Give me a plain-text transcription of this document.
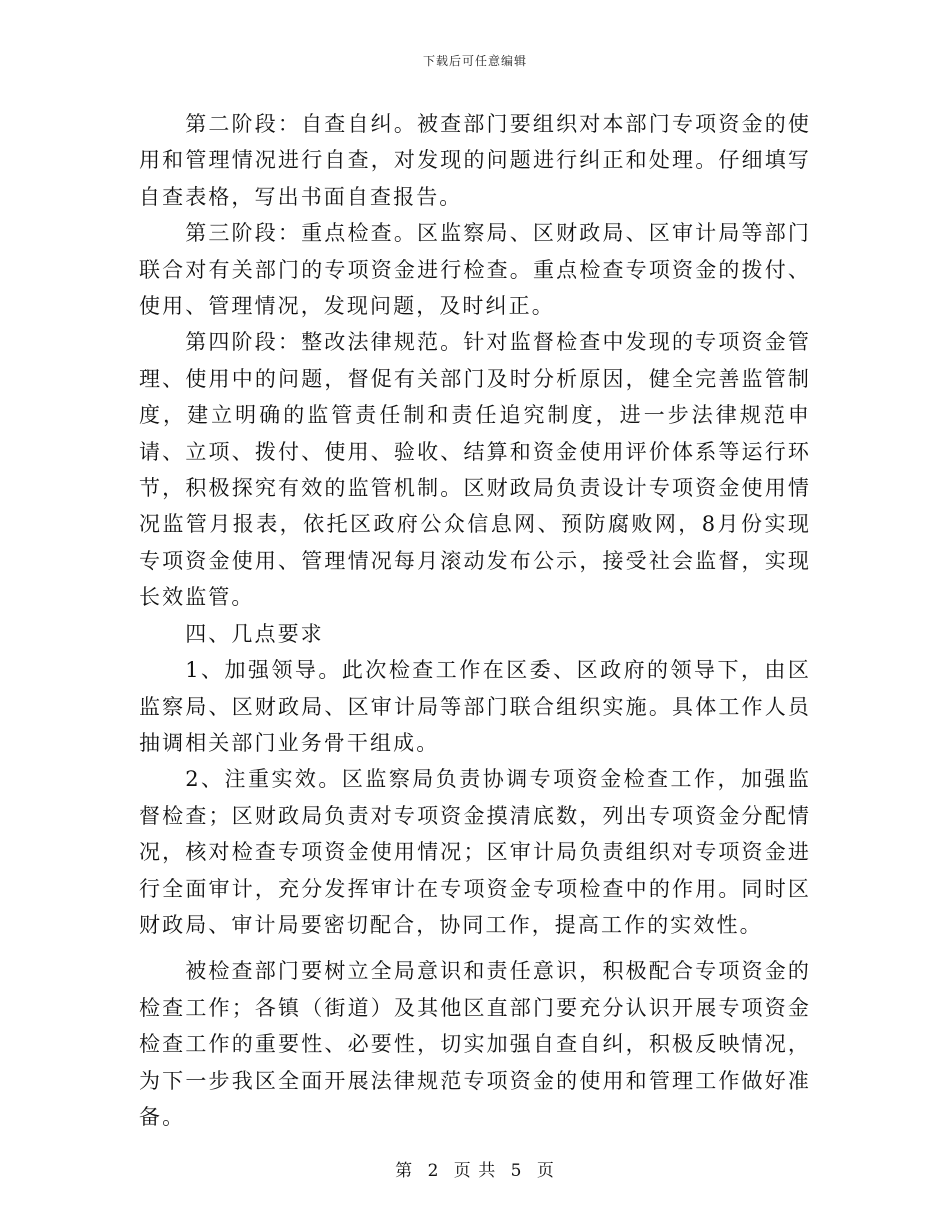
下载后可任意编辑

第二阶段：自查自纠。被查部门要组织对本部门专项资金的使用和管理情况进行自查，对发现的问题进行纠正和处理。仔细填写自查表格，写出书面自查报告。

第三阶段：重点检查。区监察局、区财政局、区审计局等部门联合对有关部门的专项资金进行检查。重点检查专项资金的拨付、使用、管理情况，发现问题，及时纠正。

第四阶段：整改法律规范。针对监督检查中发现的专项资金管理、使用中的问题，督促有关部门及时分析原因，健全完善监管制度，建立明确的监管责任制和责任追究制度，进一步法律规范申请、立项、拨付、使用、验收、结算和资金使用评价体系等运行环节，积极探究有效的监管机制。区财政局负责设计专项资金使用情况监管月报表，依托区政府公众信息网、预防腐败网，8月份实现专项资金使用、管理情况每月滚动发布公示，接受社会监督，实现长效监管。

四、几点要求

1、加强领导。此次检查工作在区委、区政府的领导下，由区监察局、区财政局、区审计局等部门联合组织实施。具体工作人员抽调相关部门业务骨干组成。

2、注重实效。区监察局负责协调专项资金检查工作，加强监督检查；区财政局负责对专项资金摸清底数，列出专项资金分配情况，核对检查专项资金使用情况；区审计局负责组织对专项资金进行全面审计，充分发挥审计在专项资金专项检查中的作用。同时区财政局、审计局要密切配合，协同工作，提高工作的实效性。

被检查部门要树立全局意识和责任意识，积极配合专项资金的检查工作；各镇（街道）及其他区直部门要充分认识开展专项资金检查工作的重要性、必要性，切实加强自查自纠，积极反映情况，为下一步我区全面开展法律规范专项资金的使用和管理工作做好准备。

第 2 页 共 5 页
